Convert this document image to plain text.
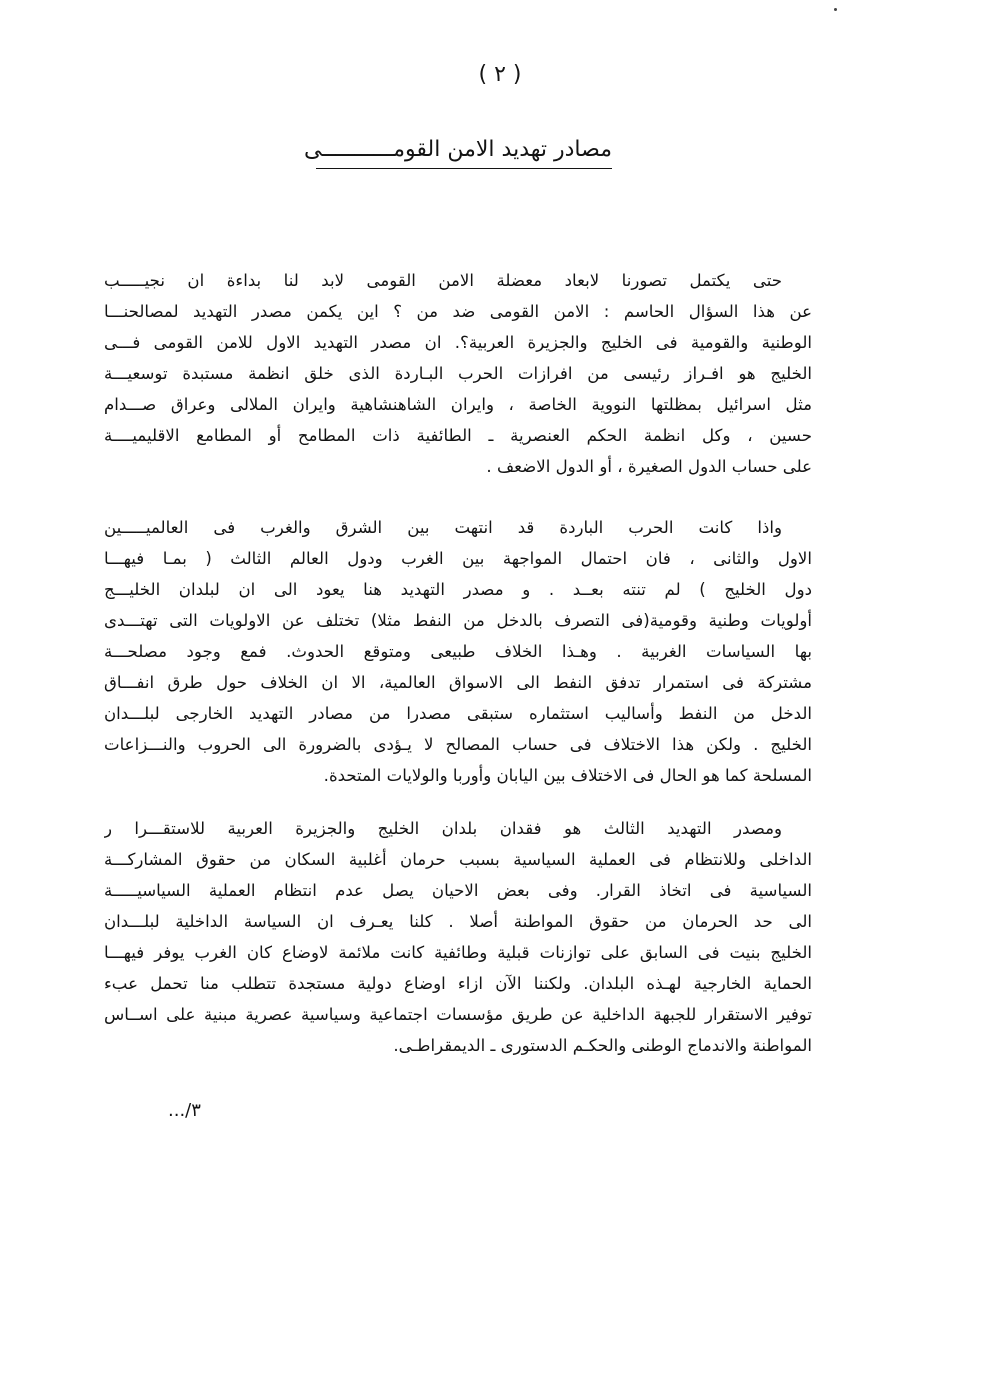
( ٢ )
مصادر تهديد الامن القومـــــــــــى
حتى يكتمل تصورنا لابعاد معضلة الامن القومى لابد لنا بداءة ان نجيـــــب
عن هذا السؤال الحاسم : الامن القومى ضد من ؟ اين يكمن مصدر التهديد لمصالحنـــا
الوطنية والقومية فى الخليج والجزيرة العربية؟. ان مصدر التهديد الاول للامن القومى فـــى
الخليج هو افـراز رئيسى من افرازات الحرب البـاردة الذى خلق انظمة مستبدة توسعيـــة
مثل اسرائيل بمظلتها النووية الخاصة ، وايران الشاهنشاهية وايران الملالى وعراق صـــدام
حسين ، وكل انظمة الحكم العنصرية ـ الطائفية ذات المطامح أو المطامع الاقليميــــة
على حساب الدول الصغيرة ، أو الدول الاضعف .
واذا كانت الحرب الباردة قد انتهت بين الشرق والغرب فى العالميـــــين
الاول والثانى ، فان احتمال المواجهة بين الغرب ودول العالم الثالث ( بمـا فيهـــا
دول الخليج ) لم تنته بعــد . و مصدر التهديد هنا يعود الى ان لبلدان الخليـــج
أولويات وطنية وقومية(فى التصرف بالدخل من النفط مثلا) تختلف عن الاولويات التى تهتـــدى
بها السياسات الغربية . وهـذا الخلاف طبيعى ومتوقع الحدوث. فمع وجود مصلحـــة
مشتركة فى استمرار تدفق النفط الى الاسواق العالمية، الا ان الخلاف حول طرق انفـــاق
الدخل من النفط وأساليب استثماره ستبقى مصدرا من مصادر التهديد الخارجى لبلـــدان
الخليج . ولكن هذا الاختلاف فى حساب المصالح لا يـؤدى بالضرورة الى الحروب والنـــزاعات
المسلحة كما هو الحال فى الاختلاف بين اليابان وأوربا والولايات المتحدة.
ومصدر التهديد الثالث هو فقدان بلدان الخليج والجزيرة العربية للاستقـــرا ر
الداخلى وللانتظام فى العملية السياسية بسبب حرمان أغلبية السكان من حقوق المشاركـــة
السياسية فى اتخاذ القرار. وفى بعض الاحيان يصل عدم انتظام العملية السياسيـــــة
الى حد الحرمان من حقوق المواطنة أصلا . كلنا يعـرف ان السياسة الداخلية لبلـــدان
الخليج بنيت فى السابق على توازنات قبلية وطائفية كانت ملائمة لاوضاع كان الغرب يوفر فيهـــا
الحماية الخارجية لهـذه البلدان. ولكننا الآن ازاء اوضاع دولية مستجدة تتطلب منا تحمل عبء
توفير الاستقرار للجبهة الداخلية عن طريق مؤسسات اجتماعية وسياسية عصرية مبنية على اســاس
المواطنة والاندماج الوطنى والحكـم الدستورى ـ الديمقراطـى.
٣/...
